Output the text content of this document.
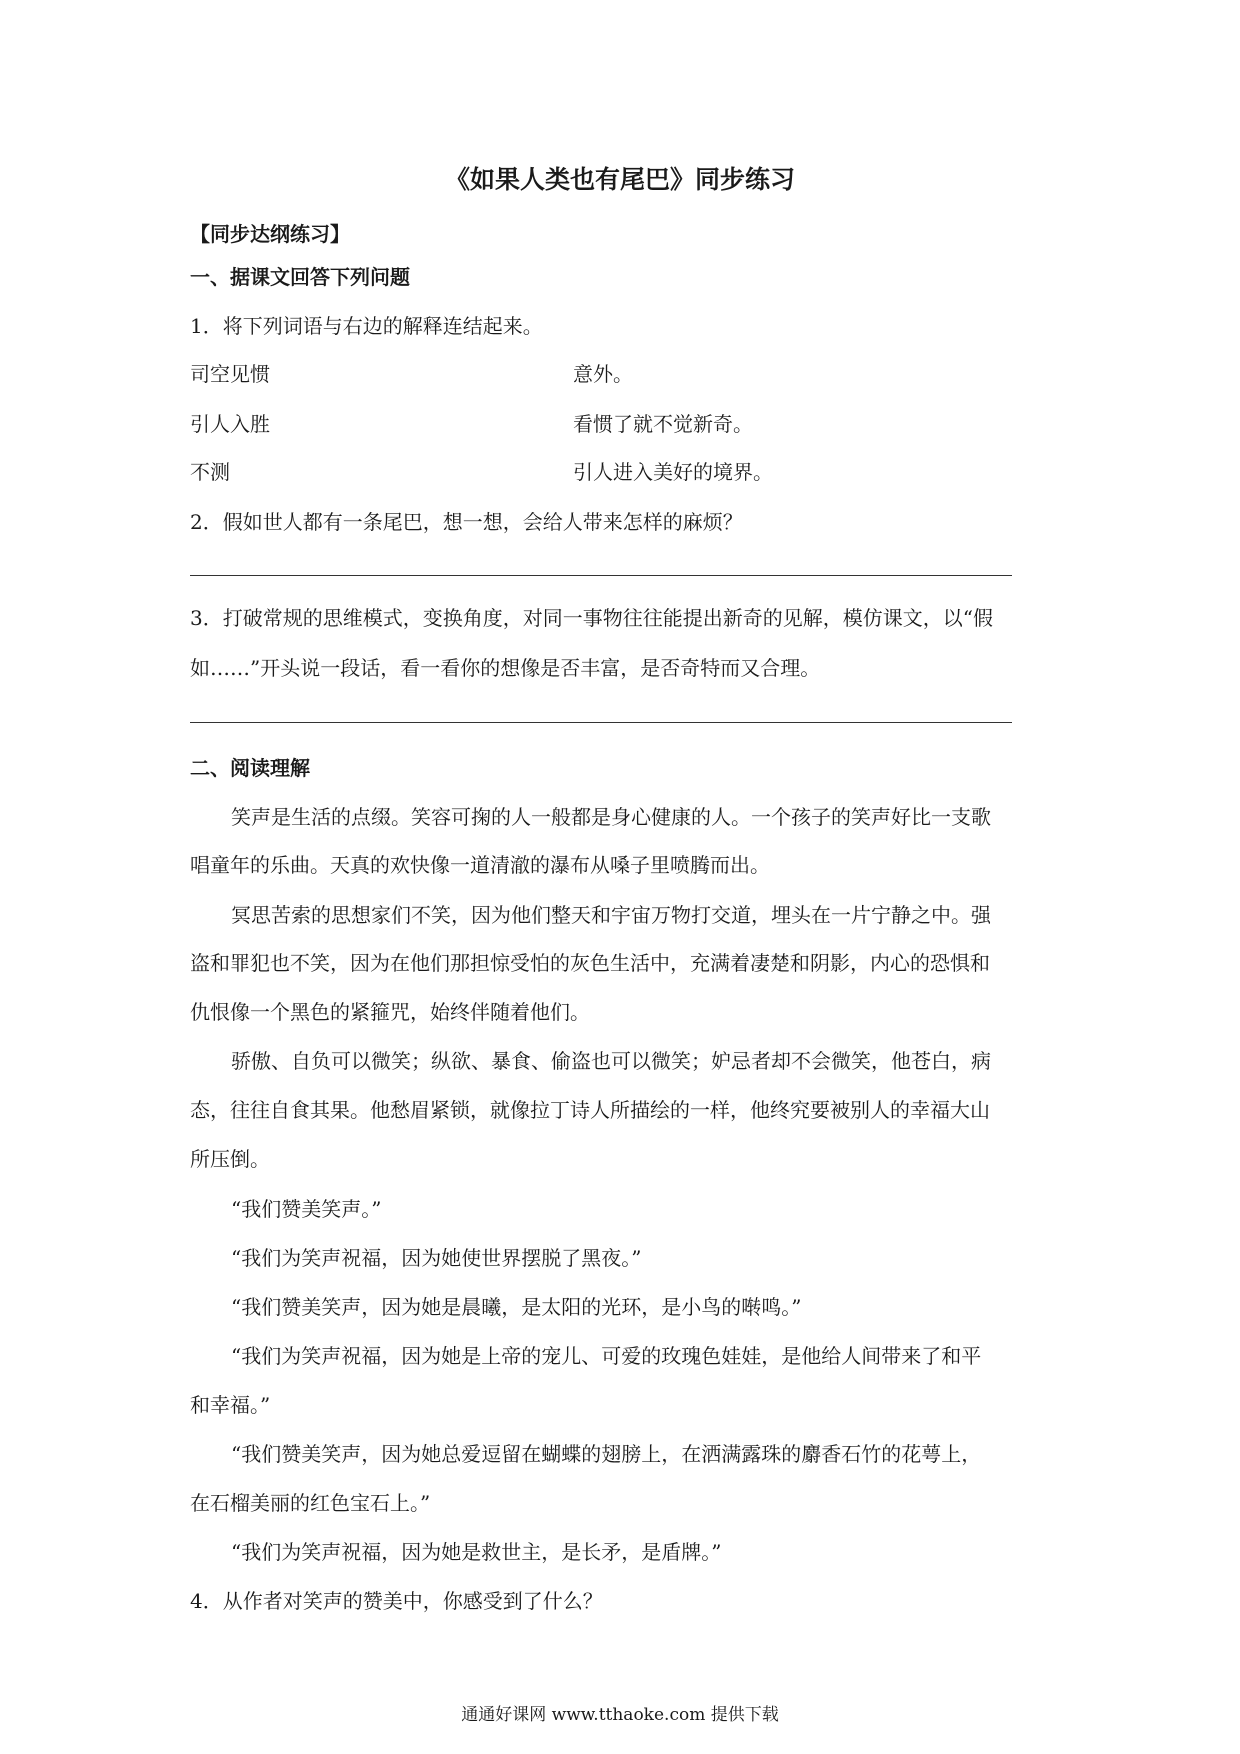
《如果人类也有尾巴》同步练习
【同步达纲练习】
一、据课文回答下列问题
1．将下列词语与右边的解释连结起来。
司空见惯	意外。
引人入胜	看惯了就不觉新奇。
不测	引人进入美好的境界。
2．假如世人都有一条尾巴，想一想，会给人带来怎样的麻烦？
3．打破常规的思维模式，变换角度，对同一事物往往能提出新奇的见解，模仿课文，以“假
如……”开头说一段话，看一看你的想像是否丰富，是否奇特而又合理。
二、阅读理解
笑声是生活的点缀。笑容可掬的人一般都是身心健康的人。一个孩子的笑声好比一支歌
唱童年的乐曲。天真的欢快像一道清澈的瀑布从嗓子里喷腾而出。
冥思苦索的思想家们不笑，因为他们整天和宇宙万物打交道，埋头在一片宁静之中。强
盗和罪犯也不笑，因为在他们那担惊受怕的灰色生活中，充满着凄楚和阴影，内心的恐惧和
仇恨像一个黑色的紧箍咒，始终伴随着他们。
骄傲、自负可以微笑；纵欲、暴食、偷盗也可以微笑；妒忌者却不会微笑，他苍白，病
态，往往自食其果。他愁眉紧锁，就像拉丁诗人所描绘的一样，他终究要被别人的幸福大山
所压倒。
“我们赞美笑声。”
“我们为笑声祝福，因为她使世界摆脱了黑夜。”
“我们赞美笑声，因为她是晨曦，是太阳的光环，是小鸟的啭鸣。”
“我们为笑声祝福，因为她是上帝的宠儿、可爱的玫瑰色娃娃，是他给人间带来了和平
和幸福。”
“我们赞美笑声，因为她总爱逗留在蝴蝶的翅膀上，在洒满露珠的麝香石竹的花萼上，
在石榴美丽的红色宝石上。”
“我们为笑声祝福，因为她是救世主，是长矛，是盾牌。”
4．从作者对笑声的赞美中，你感受到了什么？
通通好课网 www.tthaoke.com 提供下载
